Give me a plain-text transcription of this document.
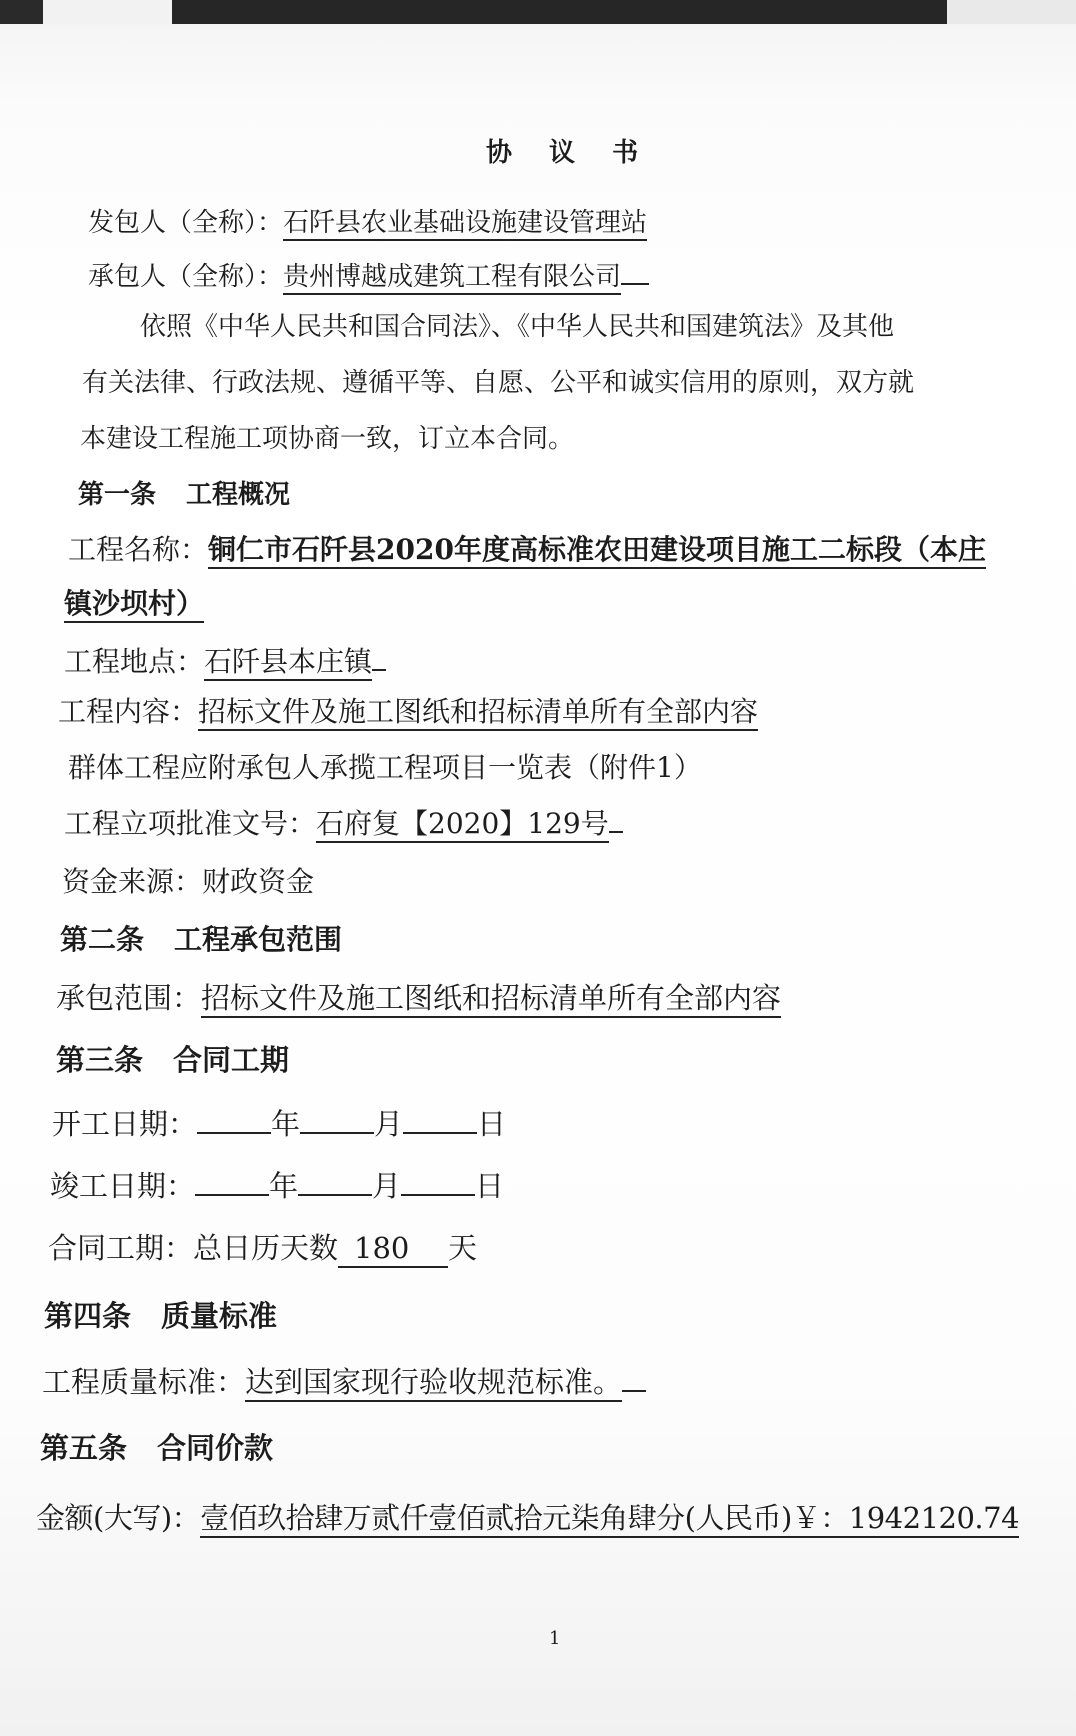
协 议 书
发包人（全称）：石阡县农业基础设施建设管理站
承包人（全称）：贵州博越成建筑工程有限公司
依照《中华人民共和国合同法》、《中华人民共和国建筑法》及其他
有关法律、行政法规、遵循平等、自愿、公平和诚实信用的原则，双方就
本建设工程施工项协商一致，订立本合同。
第一条 工程概况
工程名称：铜仁市石阡县2020年度高标准农田建设项目施工二标段（本庄
镇沙坝村）
工程地点：石阡县本庄镇
工程内容：招标文件及施工图纸和招标清单所有全部内容
群体工程应附承包人承揽工程项目一览表（附件1）
工程立项批准文号：石府复【2020】129号
资金来源：财政资金
第二条 工程承包范围
承包范围：招标文件及施工图纸和招标清单所有全部内容
第三条 合同工期
开工日期：	年	月	日
竣工日期：	年	月	日
合同工期：总日历天数 180 天
第四条 质量标准
工程质量标准：达到国家现行验收规范标准。
第五条 合同价款
金额(大写)：壹佰玖拾肆万贰仟壹佰贰拾元柒角肆分(人民币)￥：1942120.74
1
